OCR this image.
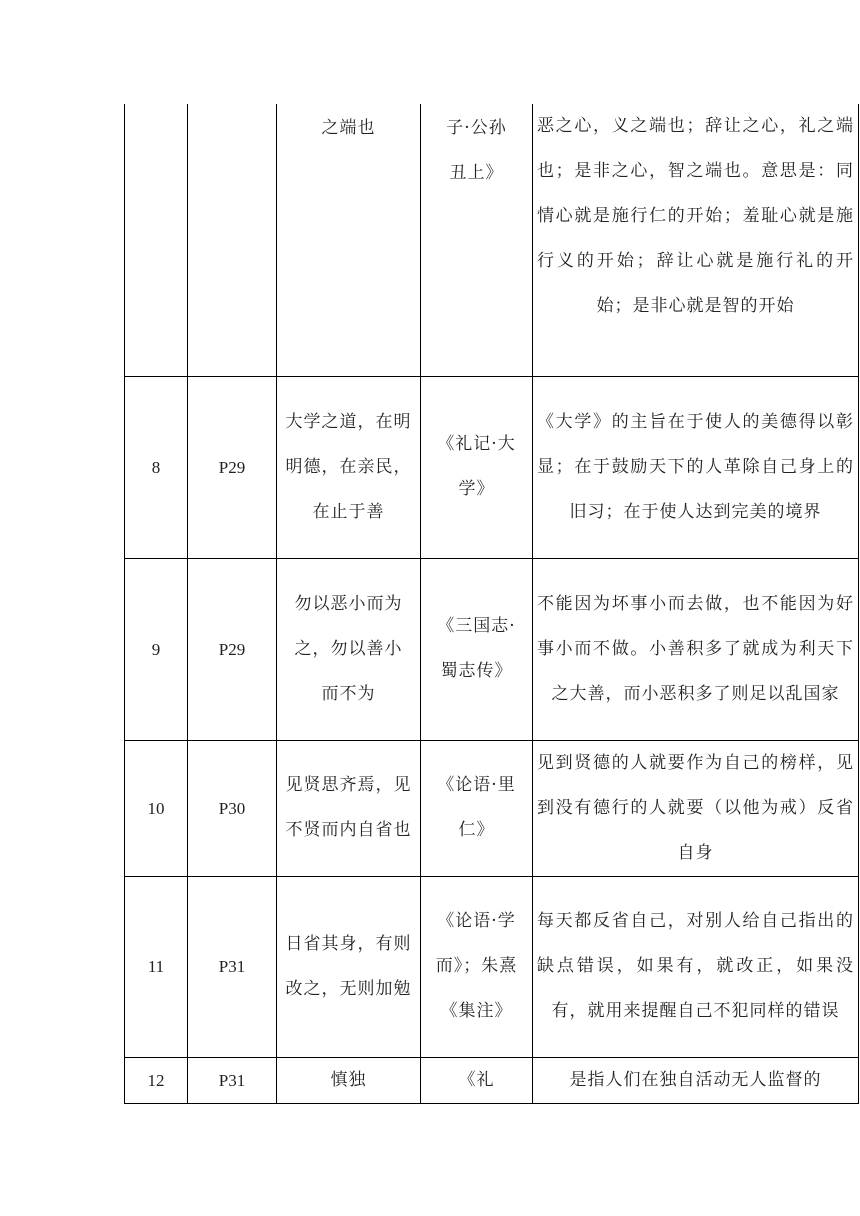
		之端也	子·公孙丑上》	恶之心，义之端也；辞让之心，礼之端也；是非之心，智之端也。意思是：同情心就是施行仁的开始；羞耻心就是施行义的开始；辞让心就是施行礼的开始；是非心就是智的开始
8	P29	大学之道，在明明德，在亲民，在止于善	《礼记·大学》	《大学》的主旨在于使人的美德得以彰显；在于鼓励天下的人革除自己身上的旧习；在于使人达到完美的境界
9	P29	勿以恶小而为之，勿以善小而不为	《三国志·蜀志传》	不能因为坏事小而去做，也不能因为好事小而不做。小善积多了就成为利天下之大善，而小恶积多了则足以乱国家
10	P30	见贤思齐焉，见不贤而内自省也	《论语·里仁》	见到贤德的人就要作为自己的榜样，见到没有德行的人就要（以他为戒）反省自身
11	P31	日省其身，有则改之，无则加勉	《论语·学而》；朱熹《集注》	每天都反省自己，对别人给自己指出的缺点错误，如果有，就改正，如果没有，就用来提醒自己不犯同样的错误
12	P31	慎独	《礼	是指人们在独自活动无人监督的
